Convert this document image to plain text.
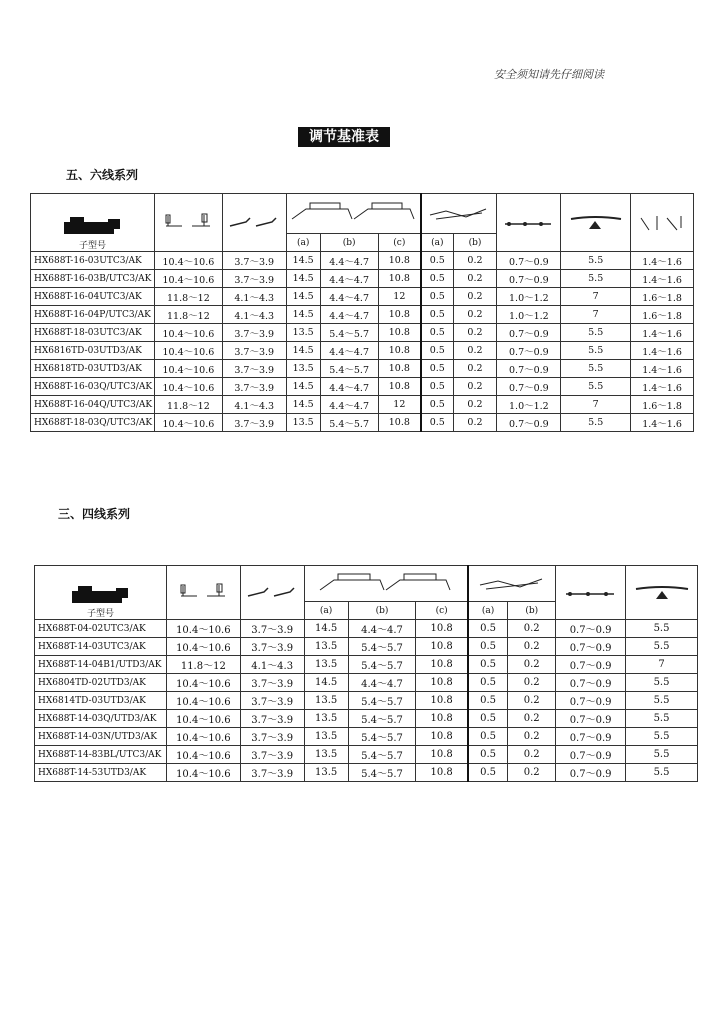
安全须知请先仔细阅读
调节基准表
五、六线系列
子型号	

			(a)	(b)	(c)	(a)	(b)			
HX688T-16-03UTC3/AK	10.4～10.6	3.7～3.9	14.5	4.4～4.7	10.8	0.5	0.2	0.7～0.9	5.5	1.4～1.6
HX688T-16-03B/UTC3/AK	10.4～10.6	3.7～3.9	14.5	4.4～4.7	10.8	0.5	0.2	0.7～0.9	5.5	1.4～1.6
HX688T-16-04UTC3/AK	11.8～12	4.1～4.3	14.5	4.4～4.7	12	0.5	0.2	1.0～1.2	7	1.6～1.8
HX688T-16-04P/UTC3/AK	11.8～12	4.1～4.3	14.5	4.4～4.7	10.8	0.5	0.2	1.0～1.2	7	1.6～1.8
HX688T-18-03UTC3/AK	10.4～10.6	3.7～3.9	13.5	5.4～5.7	10.8	0.5	0.2	0.7～0.9	5.5	1.4～1.6
HX6816TD-03UTD3/AK	10.4～10.6	3.7～3.9	14.5	4.4～4.7	10.8	0.5	0.2	0.7～0.9	5.5	1.4～1.6
HX6818TD-03UTD3/AK	10.4～10.6	3.7～3.9	13.5	5.4～5.7	10.8	0.5	0.2	0.7～0.9	5.5	1.4～1.6
HX688T-16-03Q/UTC3/AK	10.4～10.6	3.7～3.9	14.5	4.4～4.7	10.8	0.5	0.2	0.7～0.9	5.5	1.4～1.6
HX688T-16-04Q/UTC3/AK	11.8～12	4.1～4.3	14.5	4.4～4.7	12	0.5	0.2	1.0～1.2	7	1.6～1.8
HX688T-18-03Q/UTC3/AK	10.4～10.6	3.7～3.9	13.5	5.4～5.7	10.8	0.5	0.2	0.7～0.9	5.5	1.4～1.6
三、四线系列
子型号	

			(a)	(b)	(c)	(a)	(b)		
HX688T-04-02UTC3/AK	10.4～10.6	3.7～3.9	14.5	4.4～4.7	10.8	0.5	0.2	0.7～0.9	5.5
HX688T-14-03UTC3/AK	10.4～10.6	3.7～3.9	13.5	5.4～5.7	10.8	0.5	0.2	0.7～0.9	5.5
HX688T-14-04B1/UTD3/AK	11.8～12	4.1～4.3	13.5	5.4～5.7	10.8	0.5	0.2	0.7～0.9	7
HX6804TD-02UTD3/AK	10.4～10.6	3.7～3.9	14.5	4.4～4.7	10.8	0.5	0.2	0.7～0.9	5.5
HX6814TD-03UTD3/AK	10.4～10.6	3.7～3.9	13.5	5.4～5.7	10.8	0.5	0.2	0.7～0.9	5.5
HX688T-14-03Q/UTD3/AK	10.4～10.6	3.7～3.9	13.5	5.4～5.7	10.8	0.5	0.2	0.7～0.9	5.5
HX688T-14-03N/UTD3/AK	10.4～10.6	3.7～3.9	13.5	5.4～5.7	10.8	0.5	0.2	0.7～0.9	5.5
HX688T-14-83BL/UTC3/AK	10.4～10.6	3.7～3.9	13.5	5.4～5.7	10.8	0.5	0.2	0.7～0.9	5.5
HX688T-14-53UTD3/AK	10.4～10.6	3.7～3.9	13.5	5.4～5.7	10.8	0.5	0.2	0.7～0.9	5.5
